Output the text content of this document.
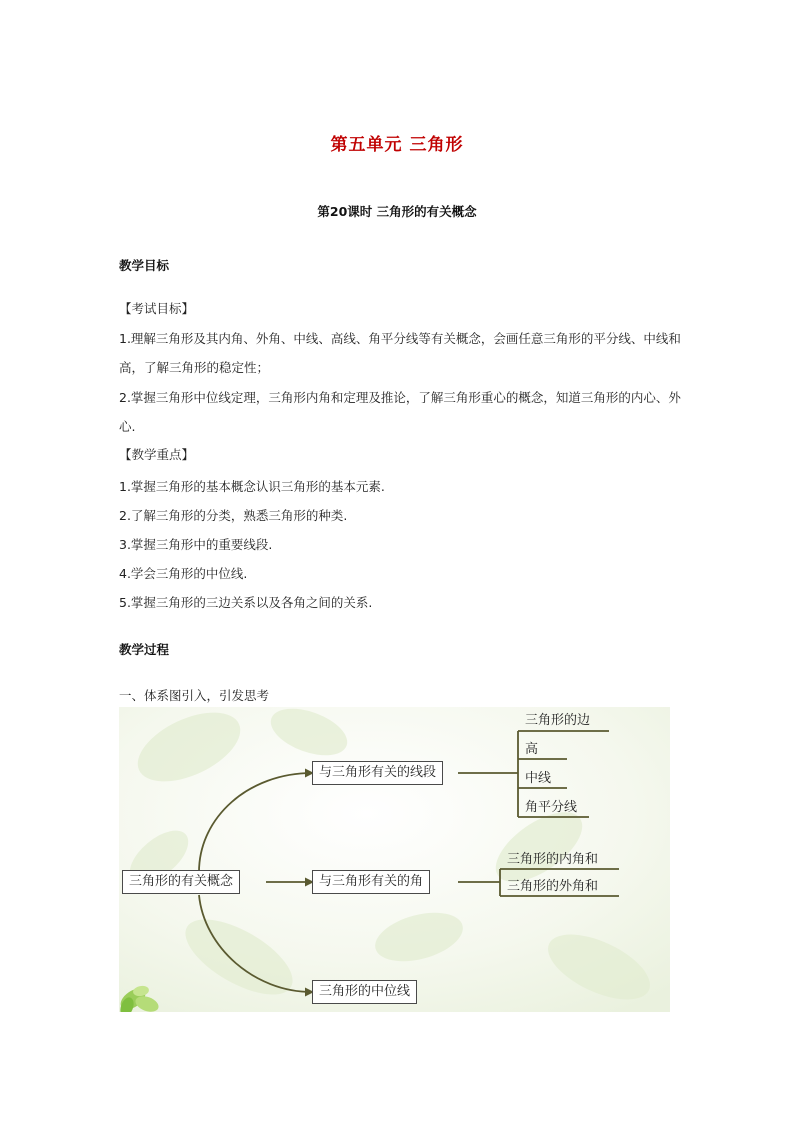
第五单元 三角形
第20课时 三角形的有关概念
教学目标
【考试目标】

1.理解三角形及其内角、外角、中线、高线、角平分线等有关概念，会画任意三角形的平分线、中线和高，了解三角形的稳定性；

2.掌握三角形中位线定理，三角形内角和定理及推论，了解三角形重心的概念，知道三角形的内心、外心.

【教学重点】
1.掌握三角形的基本概念认识三角形的基本元素.
2.了解三角形的分类，熟悉三角形的种类.
3.掌握三角形中的重要线段.
4.学会三角形的中位线.
5.掌握三角形的三边关系以及各角之间的关系.
教学过程
一、体系图引入，引发思考
三角形的有关概念
与三角形有关的线段
与三角形有关的角
三角形的中位线
三角形的边
高
中线
角平分线
三角形的内角和
三角形的外角和
